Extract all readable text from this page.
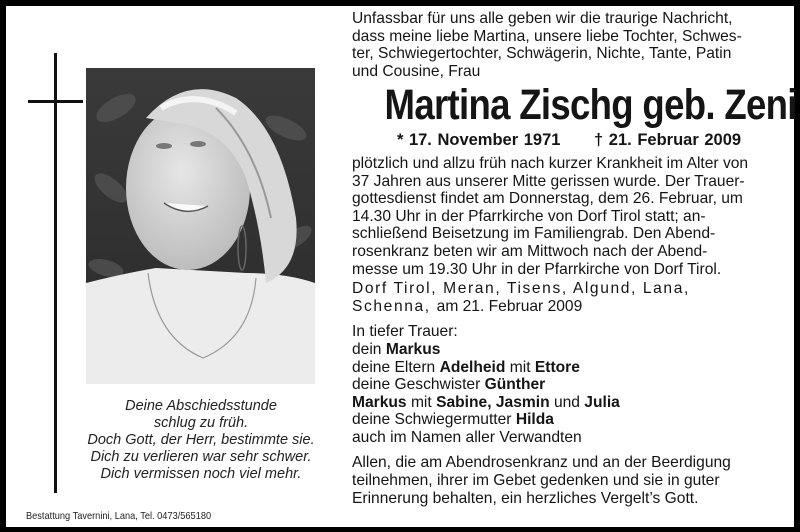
Deine Abschiedsstunde
schlug zu früh.
Doch Gott, der Herr, bestimmte sie.
Dich zu verlieren war sehr schwer.
Dich vermissen noch viel mehr.
Bestattung Tavernini, Lana, Tel. 0473/565180
Unfassbar für uns alle geben wir die traurige Nachricht,
dass meine liebe Martina, unsere liebe Tochter, Schwes-
ter, Schwiegertochter, Schwägerin, Nichte, Tante, Patin
und Cousine, Frau
Martina Zischg geb. Zeni
* 17. November 1971 † 21. Februar 2009
plötzlich und allzu früh nach kurzer Krankheit im Alter von
37 Jahren aus unserer Mitte gerissen wurde. Der Trauer-
gottesdienst findet am Donnerstag, dem 26. Februar, um
14.30 Uhr in der Pfarrkirche von Dorf Tirol statt; an-
schließend Beisetzung im Familiengrab. Den Abend-
rosenkranz beten wir am Mittwoch nach der Abend-
messe um 19.30 Uhr in der Pfarrkirche von Dorf Tirol.
Dorf Tirol, Meran, Tisens, Algund, Lana,
Schenna, am 21. Februar 2009
In tiefer Trauer:
dein Markus
deine Eltern Adelheid mit Ettore
deine Geschwister Günther
Markus mit Sabine, Jasmin und Julia
deine Schwiegermutter Hilda
auch im Namen aller Verwandten
Allen, die am Abendrosenkranz und an der Beerdigung
teilnehmen, ihrer im Gebet gedenken und sie in guter
Erinnerung behalten, ein herzliches Vergelt’s Gott.
